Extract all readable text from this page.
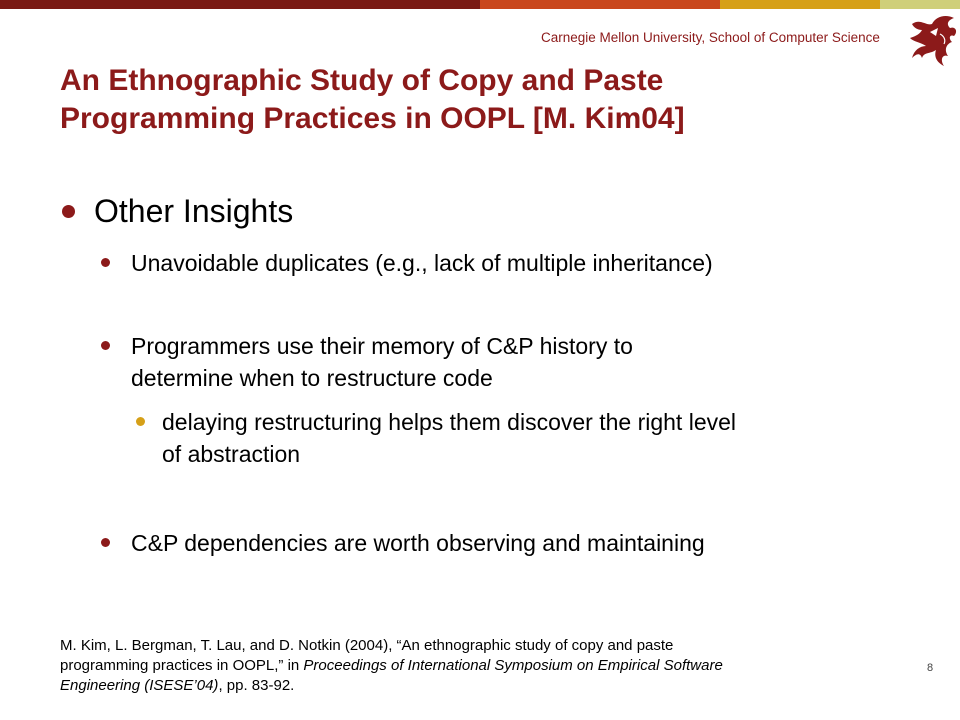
Carnegie Mellon University, School of Computer Science
An Ethnographic Study of Copy and Paste
Programming Practices in OOPL [M. Kim04]
Other Insights
Unavoidable duplicates (e.g., lack of multiple inheritance)
Programmers use their memory of C&P history to
determine when to restructure code
delaying restructuring helps them discover the right level
of abstraction
C&P dependencies are worth observing and maintaining
M. Kim, L. Bergman, T. Lau, and D. Notkin (2004), “An ethnographic study of copy and paste
programming practices in OOPL,” in Proceedings of International Symposium on Empirical Software
Engineering (ISESE’04), pp. 83-92.
8
